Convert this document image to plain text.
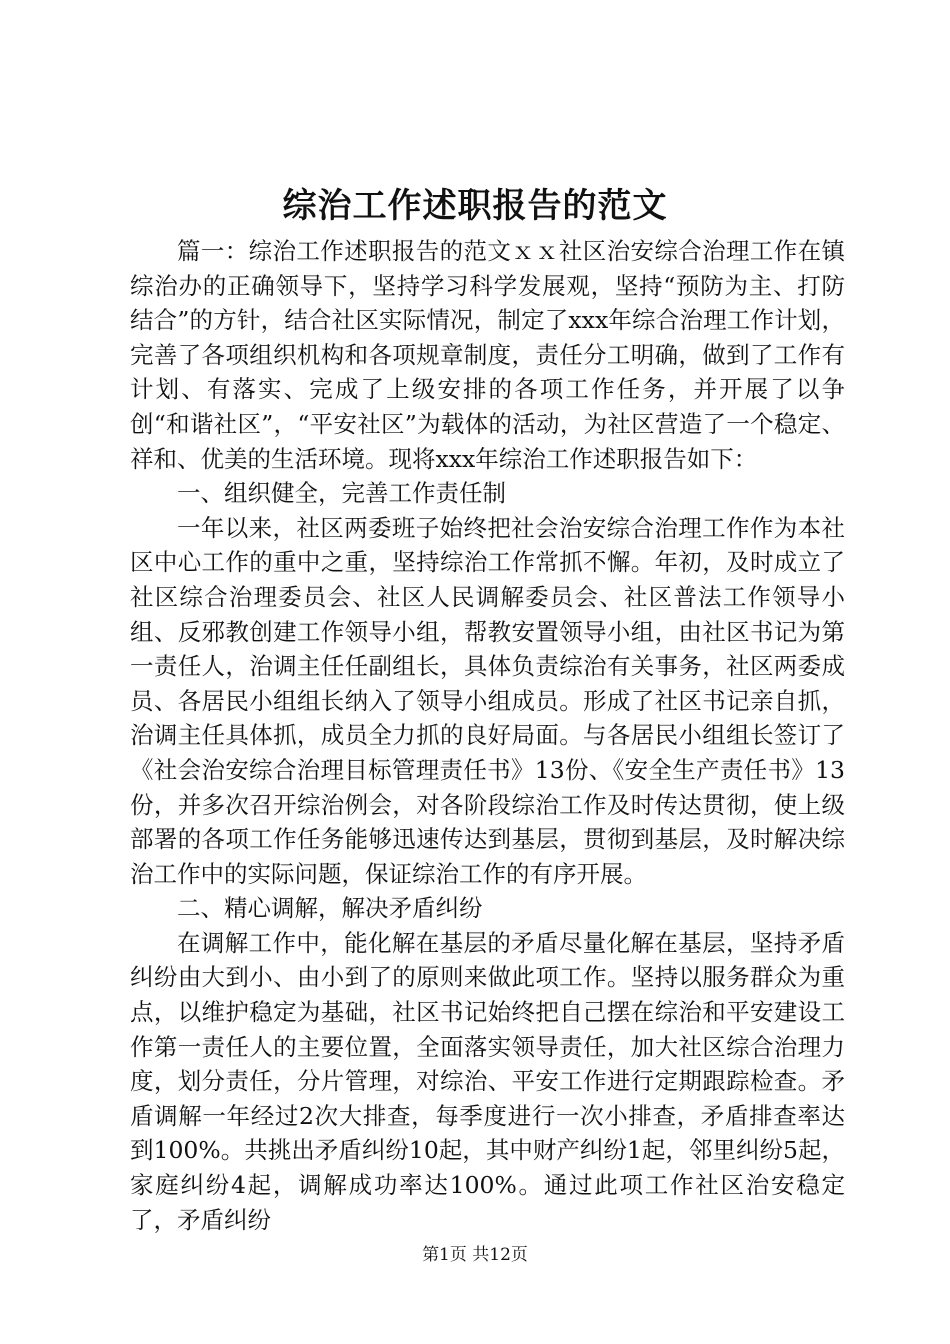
综治工作述职报告的范文

篇一：综治工作述职报告的范文ｘｘ社区治安综合治理工作在镇综治办的正确领导下，坚持学习科学发展观，坚持“预防为主、打防结合”的方针，结合社区实际情况，制定了xxx年综合治理工作计划，完善了各项组织机构和各项规章制度，责任分工明确，做到了工作有计划、有落实、完成了上级安排的各项工作任务，并开展了以争创“和谐社区”，“平安社区”为载体的活动，为社区营造了一个稳定、祥和、优美的生活环境。现将xxx年综治工作述职报告如下：

一、组织健全，完善工作责任制

一年以来，社区两委班子始终把社会治安综合治理工作作为本社区中心工作的重中之重，坚持综治工作常抓不懈。年初，及时成立了社区综合治理委员会、社区人民调解委员会、社区普法工作领导小组、反邪教创建工作领导小组，帮教安置领导小组，由社区书记为第一责任人，治调主任任副组长，具体负责综治有关事务，社区两委成员、各居民小组组长纳入了领导小组成员。形成了社区书记亲自抓，治调主任具体抓，成员全力抓的良好局面。与各居民小组组长签订了《社会治安综合治理目标管理责任书》13份、《安全生产责任书》13份，并多次召开综治例会，对各阶段综治工作及时传达贯彻，使上级部署的各项工作任务能够迅速传达到基层，贯彻到基层，及时解决综治工作中的实际问题，保证综治工作的有序开展。

二、精心调解，解决矛盾纠纷

在调解工作中，能化解在基层的矛盾尽量化解在基层，坚持矛盾纠纷由大到小、由小到了的原则来做此项工作。坚持以服务群众为重点，以维护稳定为基础，社区书记始终把自己摆在综治和平安建设工作第一责任人的主要位置，全面落实领导责任，加大社区综合治理力度，划分责任，分片管理，对综治、平安工作进行定期跟踪检查。矛盾调解一年经过2次大排查，每季度进行一次小排查，矛盾排查率达到100%。共挑出矛盾纠纷10起，其中财产纠纷1起，邻里纠纷5起，家庭纠纷4起，调解成功率达100%。通过此项工作社区治安稳定了，矛盾纠纷

第1页 共12页
